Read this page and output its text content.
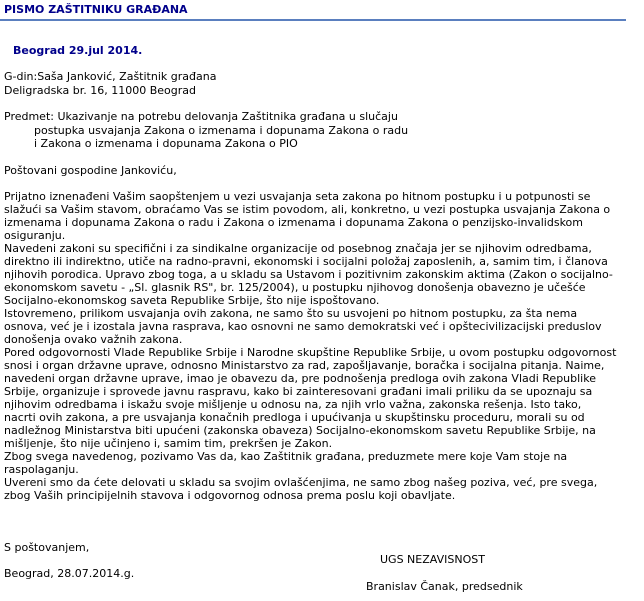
PISMO ZAŠTITNIKU GRAĐANA
Beograd 29.jul 2014.
G-din:Saša Janković, Zaštitnik građana
Deligradska br. 16, 11000 Beograd
Predmet: Ukazivanje na potrebu delovanja Zaštitnika građana u slučaju
postupka usvajanja Zakona o izmenama i dopunama Zakona o radu
i Zakona o izmenama i dopunama Zakona o PIO
Poštovani gospodine Jankoviću,
Prijatno iznenađeni Vašim saopštenjem u vezi usvajanja seta zakona po hitnom postupku i u potpunosti se
slažući sa Vašim stavom, obraćamo Vas se istim povodom, ali, konkretno, u vezi postupka usvajanja Zakona o
izmenama i dopunama Zakona o radu i Zakona o izmenama i dopunama Zakona o penzijsko-invalidskom
osiguranju.
Navedeni zakoni su specifični i za sindikalne organizacije od posebnog značaja jer se njihovim odredbama,
direktno ili indirektno, utiče na radno-pravni, ekonomski i socijalni položaj zaposlenih, a, samim tim, i članova
njihovih porodica. Upravo zbog toga, a u skladu sa Ustavom i pozitivnim zakonskim aktima (Zakon o socijalno-
ekonomskom savetu - „Sl. glasnik RS", br. 125/2004), u postupku njihovog donošenja obavezno je učešće
Socijalno-ekonomskog saveta Republike Srbije, što nije ispoštovano.
Istovremeno, prilikom usvajanja ovih zakona, ne samo što su usvojeni po hitnom postupku, za šta nema
osnova, već je i izostala javna rasprava, kao osnovni ne samo demokratski već i opštecivilizacijski preduslov
donošenja ovako važnih zakona.
Pored odgovornosti Vlade Republike Srbije i Narodne skupštine Republike Srbije, u ovom postupku odgovornost
snosi i organ državne uprave, odnosno Ministarstvo za rad, zapošljavanje, boračka i socijalna pitanja. Naime,
navedeni organ državne uprave, imao je obavezu da, pre podnošenja predloga ovih zakona Vladi Republike
Srbije, organizuje i sprovede javnu raspravu, kako bi zainteresovani građani imali priliku da se upoznaju sa
njihovim odredbama i iskažu svoje mišljenje u odnosu na, za njih vrlo važna, zakonska rešenja. Isto tako,
nacrti ovih zakona, a pre usvajanja konačnih predloga i upućivanja u skupštinsku proceduru, morali su od
nadležnog Ministarstva biti upućeni (zakonska obaveza) Socijalno-ekonomskom savetu Republike Srbije, na
mišljenje, što nije učinjeno i, samim tim, prekršen je Zakon.
Zbog svega navedenog, pozivamo Vas da, kao Zaštitnik građana, preduzmete mere koje Vam stoje na
raspolaganju.
Uvereni smo da ćete delovati u skladu sa svojim ovlašćenjima, ne samo zbog našeg poziva, već, pre svega,
zbog Vaših principijelnih stavova i odgovornog odnosa prema poslu koji obavljate.
S poštovanjem,
UGS NEZAVISNOST
Beograd, 28.07.2014.g.
Branislav Čanak, predsednik
